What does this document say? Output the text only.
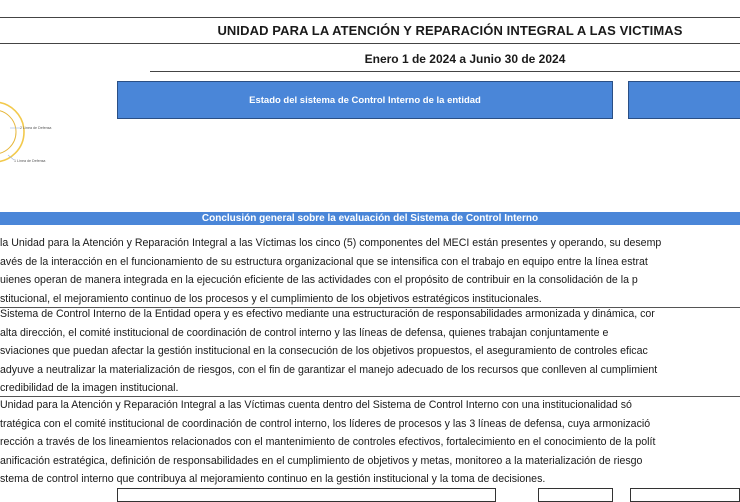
UNIDAD PARA LA ATENCIÓN Y REPARACIÓN INTEGRAL A LAS VICTIMAS
Enero 1 de 2024 a Junio 30 de 2024
Estado del sistema de Control Interno de la entidad
2 Línea de Defensa
1 Línea de Defensa
Conclusión general sobre la evaluación del Sistema de Control Interno
la Unidad para la Atención y Reparación Integral a las Víctimas los cinco (5) componentes del MECI están presentes y operando, su desemp
avés de la interacción en el funcionamiento de su estructura organizacional que se intensifica con el trabajo en equipo entre la línea estrat
uienes operan de manera integrada en la ejecución eficiente de las actividades con el propósito de contribuir en la consolidación de la p
stitucional, el mejoramiento continuo de los procesos y el cumplimiento de los objetivos estratégicos institucionales.
Sistema de Control Interno de la Entidad opera y es efectivo mediante una estructuración de responsabilidades armonizada y dinámica, cor
alta dirección, el comité institucional de coordinación de control interno y las líneas de defensa, quienes trabajan conjuntamente e
sviaciones que puedan afectar la gestión institucional en la consecución de los objetivos propuestos, el aseguramiento de controles eficac
adyuve a neutralizar la materialización de riesgos, con el fin de garantizar el manejo adecuado de los recursos que conlleven al cumplimient
credibilidad de la imagen institucional.
Unidad para la Atención y Reparación Integral a las Víctimas cuenta dentro del Sistema de Control Interno con una institucionalidad só
tratégica con el comité institucional de coordinación de control interno, los líderes de procesos y las 3 líneas de defensa, cuya armonizació
rección a través de los lineamientos relacionados con el mantenimiento de controles efectivos, fortalecimiento en el conocimiento de la polít
anificación estratégica, definición de responsabilidades en el cumplimiento de objetivos y metas, monitoreo a la materialización de riesgo
stema de control interno que contribuya al mejoramiento continuo en la gestión institucional y la toma de decisiones.
